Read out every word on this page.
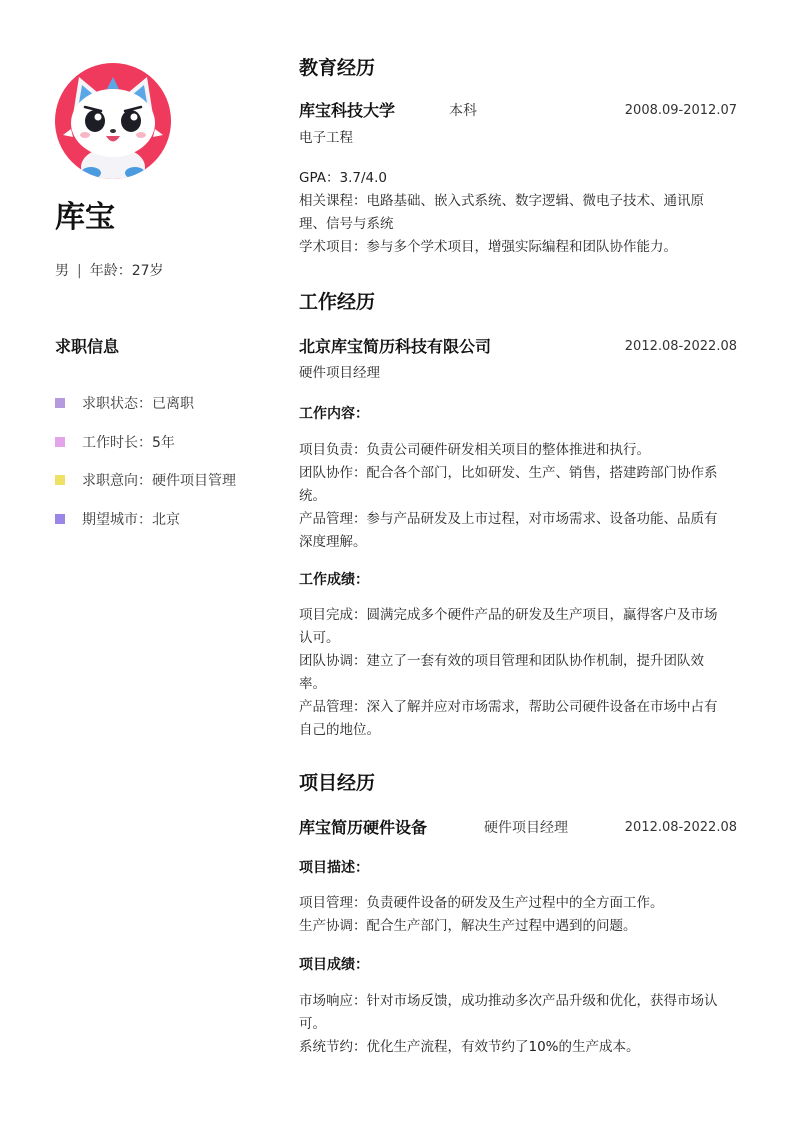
库宝
男 | 年龄：27岁
求职信息
求职状态：已离职
工作时长：5年
求职意向：硬件项目管理
期望城市：北京
教育经历
库宝科技大学	本科	2008.09-2012.07
电子工程
GPA：3.7/4.0
相关课程：电路基础、嵌入式系统、数字逻辑、微电子技术、通讯原
理、信号与系统
学术项目：参与多个学术项目，增强实际编程和团队协作能力。
工作经历
北京库宝简历科技有限公司	2012.08-2022.08
硬件项目经理
工作内容：
项目负责：负责公司硬件研发相关项目的整体推进和执行。
团队协作：配合各个部门，比如研发、生产、销售，搭建跨部门协作系
统。
产品管理：参与产品研发及上市过程，对市场需求、设备功能、品质有
深度理解。
工作成绩：
项目完成：圆满完成多个硬件产品的研发及生产项目，赢得客户及市场
认可。
团队协调：建立了一套有效的项目管理和团队协作机制，提升团队效
率。
产品管理：深入了解并应对市场需求，帮助公司硬件设备在市场中占有
自己的地位。
项目经历
库宝简历硬件设备	硬件项目经理	2012.08-2022.08
项目描述：
项目管理：负责硬件设备的研发及生产过程中的全方面工作。
生产协调：配合生产部门，解决生产过程中遇到的问题。
项目成绩：
市场响应：针对市场反馈，成功推动多次产品升级和优化，获得市场认
可。
系统节约：优化生产流程，有效节约了10%的生产成本。
